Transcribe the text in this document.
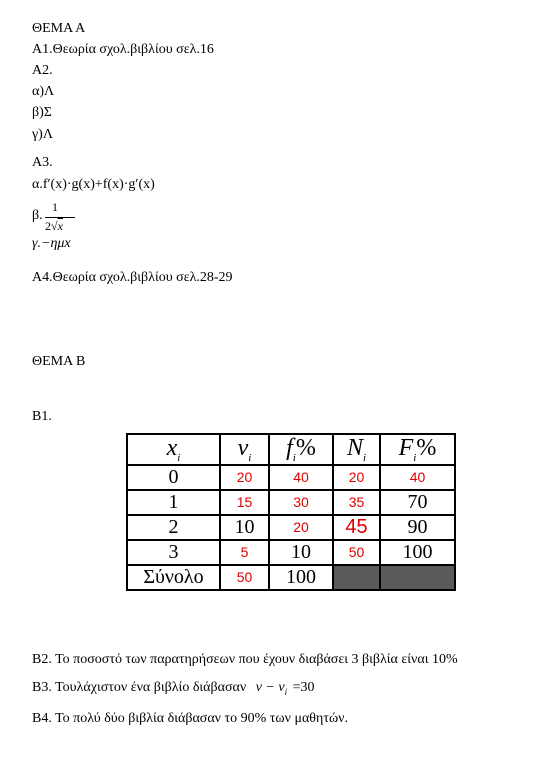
ΘΕΜΑ Α
Α1.Θεωρία σχολ.βιβλίου σελ.16
Α2.
α)Λ
β)Σ
γ)Λ
Α3.
α.f′(x)·g(x)+f(x)·g′(x)
β.
1
2√x
γ.−ημx
Α4.Θεωρία σχολ.βιβλίου σελ.28-29
ΘΕΜΑ Β
Β1.
$x_i$	$v_i$	$f_i\%$	$N_i$	$F_i\%$
0	20	40	20	40
1	15	30	35	70
2	10	20	45	90
3	5	10	50	100
Σύνολο	50	100		
Β2. Το ποσοστό των παρατηρήσεων που έχουν διαβάσει 3 βιβλία είναι 10%
Β3. Τουλάχιστον ένα βιβλίο διάβασαν $\nu - \nu_i =30$
Β4. Το πολύ δύο βιβλία διάβασαν το 90% των μαθητών.
